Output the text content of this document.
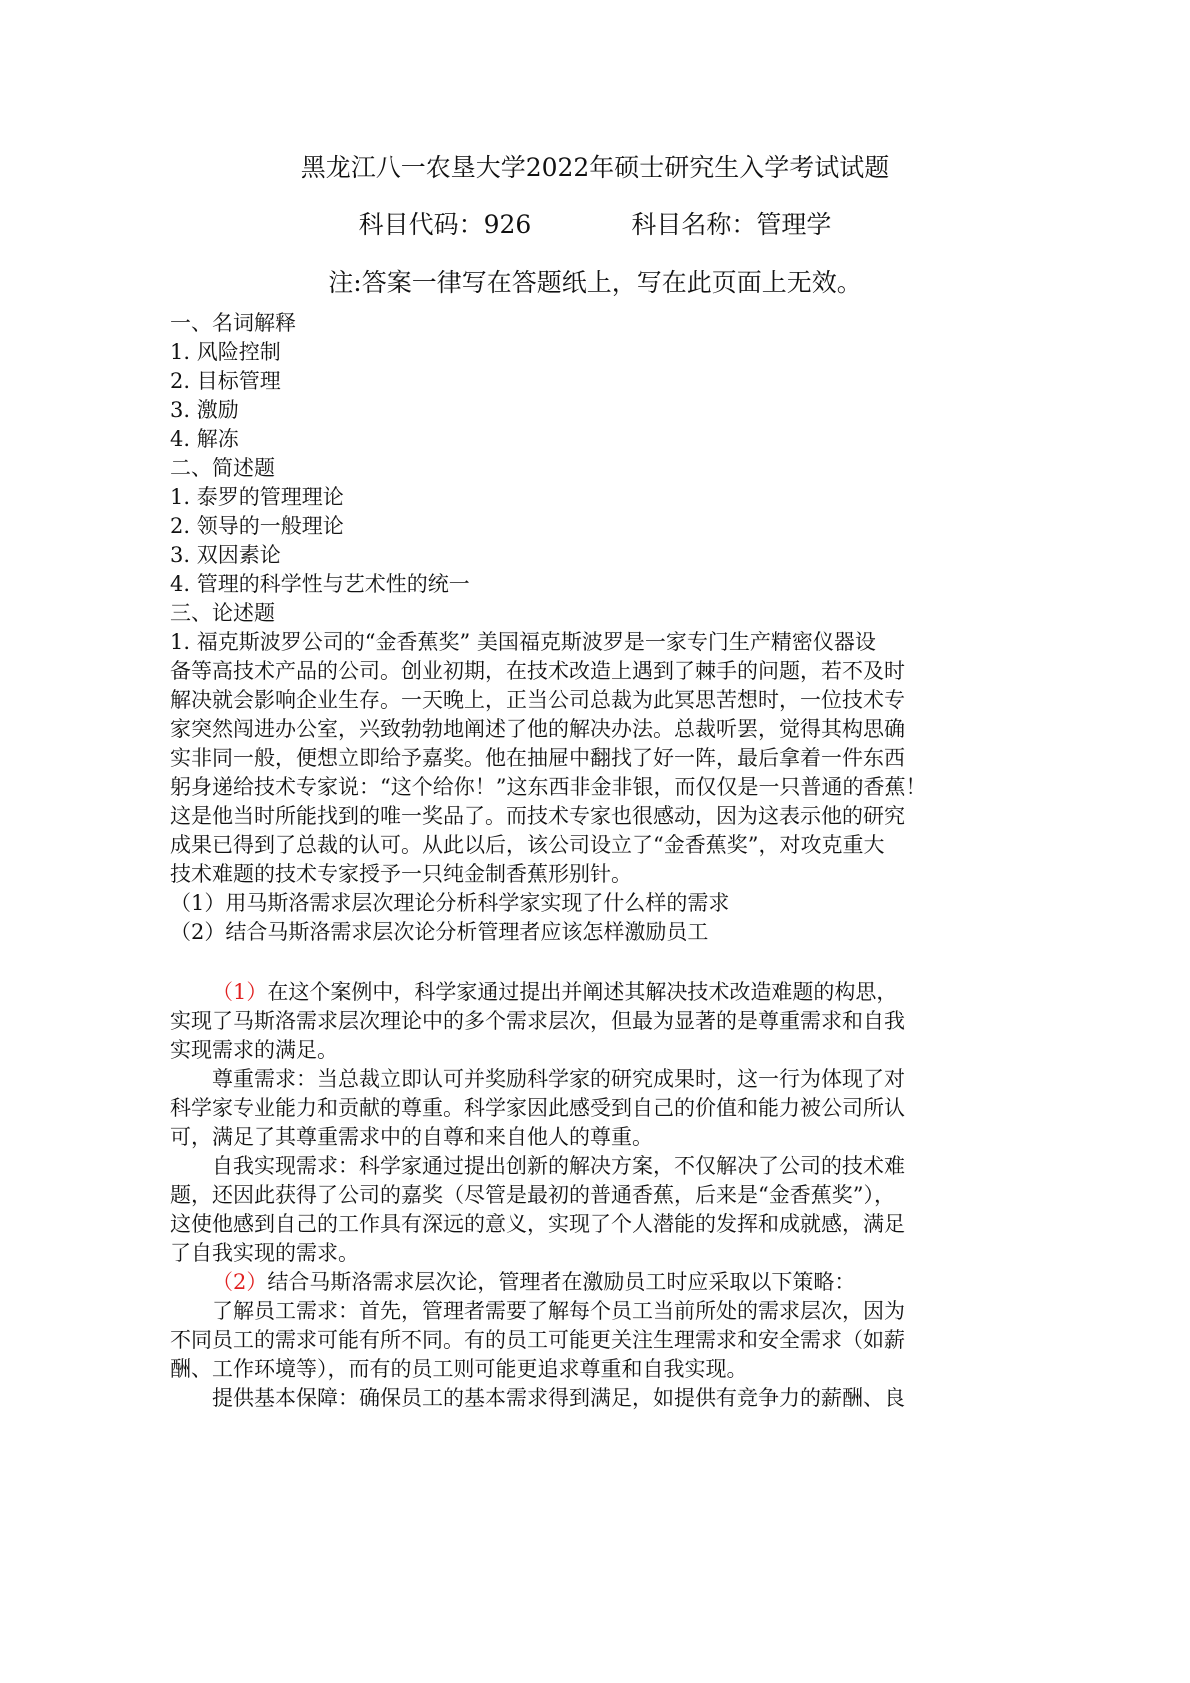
黑龙江八一农垦大学2022年硕士研究生入学考试试题
科目代码：926	科目名称：管理学
注:答案一律写在答题纸上，写在此页面上无效。
一、名词解释
1. 风险控制
2. 目标管理
3. 激励
4. 解冻
二、简述题
1. 泰罗的管理理论
2. 领导的一般理论
3. 双因素论
4. 管理的科学性与艺术性的统一
三、论述题
1. 福克斯波罗公司的“金香蕉奖” 美国福克斯波罗是一家专门生产精密仪器设
备等高技术产品的公司。创业初期，在技术改造上遇到了棘手的问题，若不及时
解决就会影响企业生存。一天晚上，正当公司总裁为此冥思苦想时，一位技术专
家突然闯进办公室，兴致勃勃地阐述了他的解决办法。总裁听罢，觉得其构思确
实非同一般，便想立即给予嘉奖。他在抽屉中翻找了好一阵，最后拿着一件东西
躬身递给技术专家说：“这个给你！”这东西非金非银，而仅仅是一只普通的香蕉！
这是他当时所能找到的唯一奖品了。而技术专家也很感动，因为这表示他的研究
成果已得到了总裁的认可。从此以后，该公司设立了“金香蕉奖”，对攻克重大
技术难题的技术专家授予一只纯金制香蕉形别针。
（1）用马斯洛需求层次理论分析科学家实现了什么样的需求
（2）结合马斯洛需求层次论分析管理者应该怎样激励员工
（1）在这个案例中，科学家通过提出并阐述其解决技术改造难题的构思，
实现了马斯洛需求层次理论中的多个需求层次，但最为显著的是尊重需求和自我
实现需求的满足。
尊重需求：当总裁立即认可并奖励科学家的研究成果时，这一行为体现了对
科学家专业能力和贡献的尊重。科学家因此感受到自己的价值和能力被公司所认
可，满足了其尊重需求中的自尊和来自他人的尊重。
自我实现需求：科学家通过提出创新的解决方案，不仅解决了公司的技术难
题，还因此获得了公司的嘉奖（尽管是最初的普通香蕉，后来是“金香蕉奖”），
这使他感到自己的工作具有深远的意义，实现了个人潜能的发挥和成就感，满足
了自我实现的需求。
（2）结合马斯洛需求层次论，管理者在激励员工时应采取以下策略：
了解员工需求：首先，管理者需要了解每个员工当前所处的需求层次，因为
不同员工的需求可能有所不同。有的员工可能更关注生理需求和安全需求（如薪
酬、工作环境等），而有的员工则可能更追求尊重和自我实现。
提供基本保障：确保员工的基本需求得到满足，如提供有竞争力的薪酬、良
